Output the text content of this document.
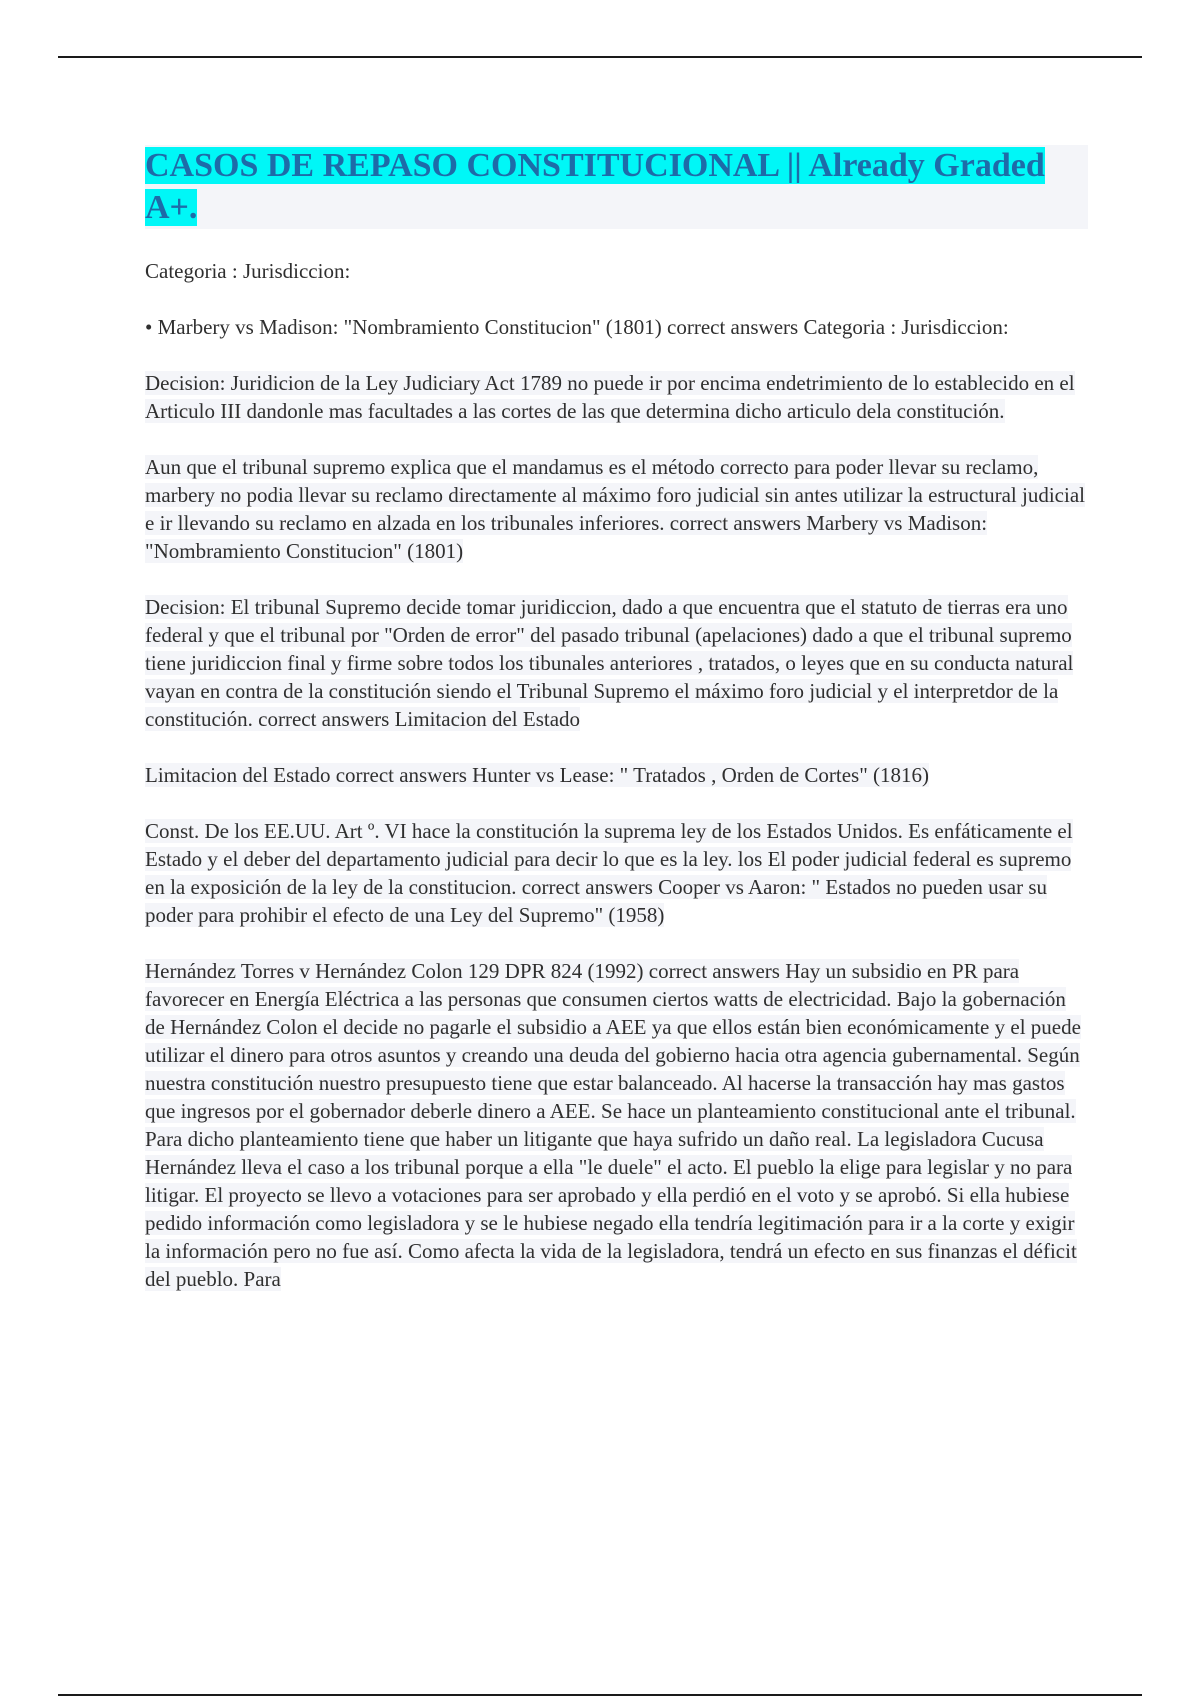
CASOS DE REPASO CONSTITUCIONAL || Already Graded A+.

Categoria : Jurisdiccion:

• Marbery vs Madison: "Nombramiento Constitucion" (1801) correct answers Categoria : Jurisdiccion:

Decision: Juridicion de la Ley Judiciary Act 1789 no puede ir por encima endetrimiento de lo establecido en el Articulo III dandonle mas facultades a las cortes de las que determina dicho articulo dela constitución.

Aun que el tribunal supremo explica que el mandamus es el método correcto para poder llevar su reclamo, marbery no podia llevar su reclamo directamente al máximo foro judicial sin antes utilizar la estructural judicial e ir llevando su reclamo en alzada en los tribunales inferiores. correct answers Marbery vs Madison: "Nombramiento Constitucion" (1801)

Decision: El tribunal Supremo decide tomar juridiccion, dado a que encuentra que el statuto de tierras era uno federal y que el tribunal por "Orden de error" del pasado tribunal (apelaciones) dado a que el tribunal supremo tiene juridiccion final y firme sobre todos los tibunales anteriores , tratados, o leyes que en su conducta natural vayan en contra de la constitución siendo el Tribunal Supremo el máximo foro judicial y el interpretdor de la constitución. correct answers Limitacion del Estado

Limitacion del Estado correct answers Hunter vs Lease: " Tratados , Orden de Cortes" (1816)

Const. De los EE.UU. Art º. VI hace la constitución la suprema ley de los Estados Unidos. Es enfáticamente el Estado y el deber del departamento judicial para decir lo que es la ley. los El poder judicial federal es supremo en la exposición de la ley de la constitucion. correct answers Cooper vs Aaron: " Estados no pueden usar su poder para prohibir el efecto de una Ley del Supremo" (1958)

Hernández Torres v Hernández Colon 129 DPR 824 (1992) correct answers Hay un subsidio en PR para favorecer en Energía Eléctrica a las personas que consumen ciertos watts de electricidad. Bajo la gobernación de Hernández Colon el decide no pagarle el subsidio a AEE ya que ellos están bien económicamente y el puede utilizar el dinero para otros asuntos y creando una deuda del gobierno hacia otra agencia gubernamental. Según nuestra constitución nuestro presupuesto tiene que estar balanceado. Al hacerse la transacción hay mas gastos que ingresos por el gobernador deberle dinero a AEE. Se hace un planteamiento constitucional ante el tribunal. Para dicho planteamiento tiene que haber un litigante que haya sufrido un daño real. La legisladora Cucusa Hernández lleva el caso a los tribunal porque a ella "le duele" el acto. El pueblo la elige para legislar y no para litigar. El proyecto se llevo a votaciones para ser aprobado y ella perdió en el voto y se aprobó. Si ella hubiese pedido información como legisladora y se le hubiese negado ella tendría legitimación para ir a la corte y exigir la información pero no fue así. Como afecta la vida de la legisladora, tendrá un efecto en sus finanzas el déficit del pueblo. Para
